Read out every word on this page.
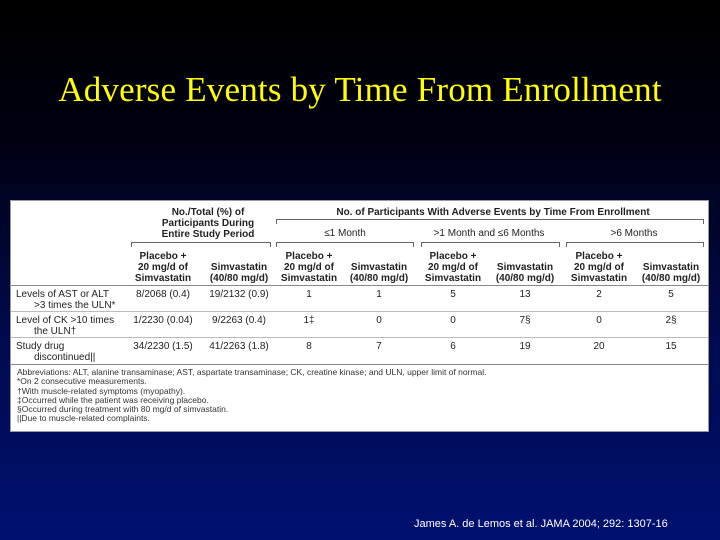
Adverse Events by Time From Enrollment
No./Total (%) of
Participants During
Entire Study Period
No. of Participants With Adverse Events by Time From Enrollment
≤1 Month	>1 Month and ≤6 Months	>6 Months
Placebo +
20 mg/d of
Simvastatin
Simvastatin
(40/80 mg/d)
Placebo +
20 mg/d of
Simvastatin
Simvastatin
(40/80 mg/d)
Placebo +
20 mg/d of
Simvastatin
Simvastatin
(40/80 mg/d)
Placebo +
20 mg/d of
Simvastatin
Simvastatin
(40/80 mg/d)
Levels of AST or ALT
>3 times the ULN*
8/2068 (0.4)	19/2132 (0.9)	1	1	5	13	2	5
Level of CK >10 times
the ULN†
1/2230 (0.04)	9/2263 (0.4)	1‡	0	0	7§	0	2§
Study drug
discontinued||
34/2230 (1.5)	41/2263 (1.8)	8	7	6	19	20	15
Abbreviations: ALT, alanine transaminase; AST, aspartate transaminase; CK, creatine kinase; and ULN, upper limit of normal.
*On 2 consecutive measurements.
†With muscle-related symptoms (myopathy).
‡Occurred while the patient was receiving placebo.
§Occurred during treatment with 80 mg/d of simvastatin.
||Due to muscle-related complaints.
James A. de Lemos et al. JAMA 2004; 292: 1307-16
